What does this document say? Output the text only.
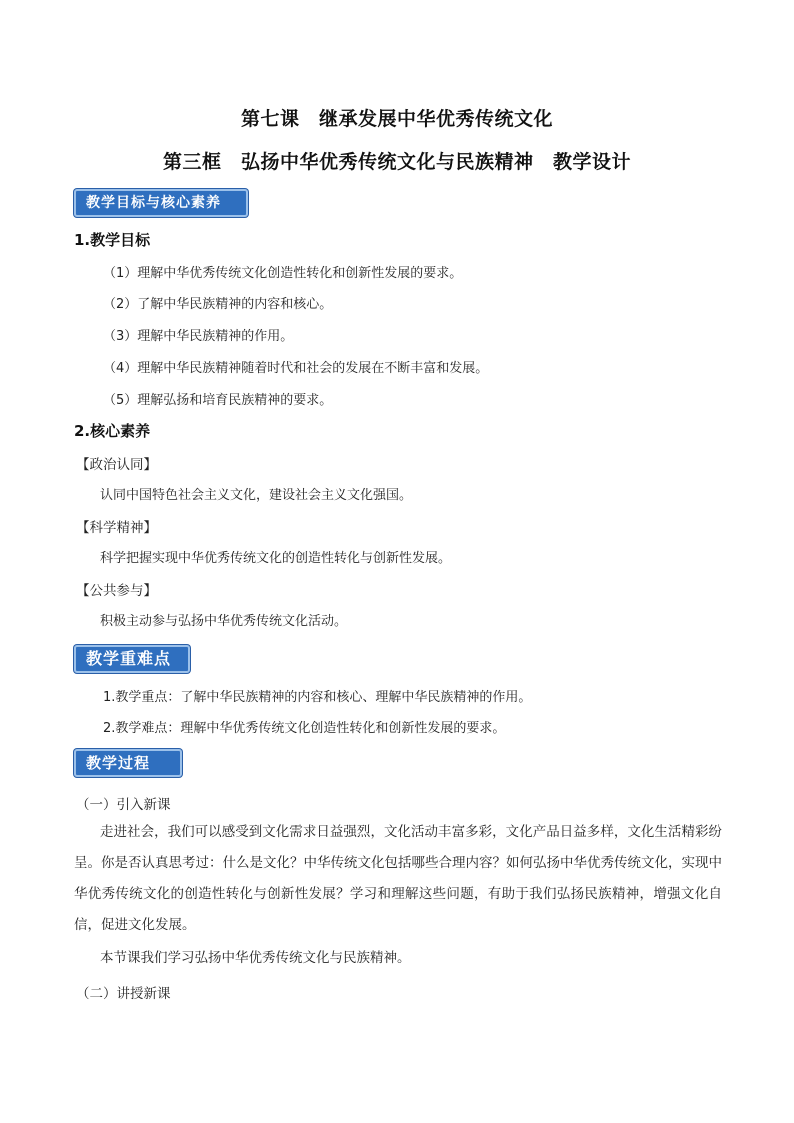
第七课　继承发展中华优秀传统文化
第三框　弘扬中华优秀传统文化与民族精神　教学设计
教学目标与核心素养
1.教学目标
（1）理解中华优秀传统文化创造性转化和创新性发展的要求。
（2）了解中华民族精神的内容和核心。
（3）理解中华民族精神的作用。
（4）理解中华民族精神随着时代和社会的发展在不断丰富和发展。
（5）理解弘扬和培育民族精神的要求。
2.核心素养
【政治认同】
认同中国特色社会主义文化，建设社会主义文化强国。
【科学精神】
科学把握实现中华优秀传统文化的创造性转化与创新性发展。
【公共参与】
积极主动参与弘扬中华优秀传统文化活动。
教学重难点
1.教学重点：了解中华民族精神的内容和核心、理解中华民族精神的作用。
2.教学难点：理解中华优秀传统文化创造性转化和创新性发展的要求。
教学过程
（一）引入新课
走进社会，我们可以感受到文化需求日益强烈，文化活动丰富多彩，文化产品日益多样，文化生活精彩纷呈。你是否认真思考过：什么是文化？中华传统文化包括哪些合理内容？如何弘扬中华优秀传统文化，实现中华优秀传统文化的创造性转化与创新性发展？学习和理解这些问题，有助于我们弘扬民族精神，增强文化自信，促进文化发展。
本节课我们学习弘扬中华优秀传统文化与民族精神。
（二）讲授新课
